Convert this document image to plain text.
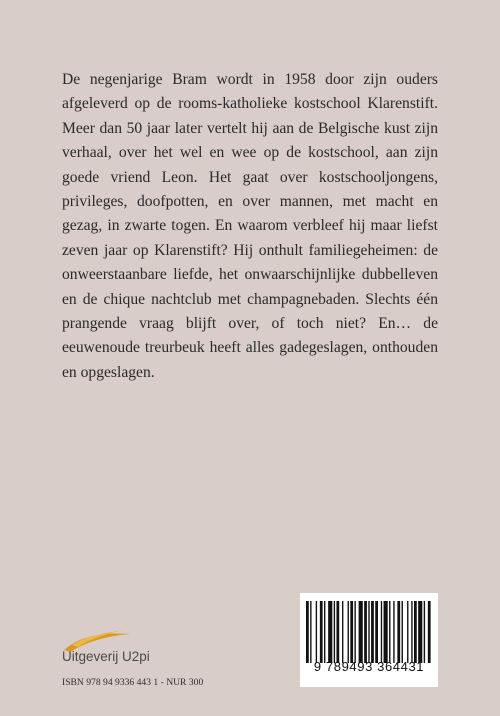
De negenjarige Bram wordt in 1958 door zijn ouders afgeleverd op de rooms-katholieke kostschool Klarenstift. Meer dan 50 jaar later vertelt hij aan de Belgische kust zijn verhaal, over het wel en wee op de kostschool, aan zijn goede vriend Leon. Het gaat over kostschooljongens, privileges, doofpotten, en over mannen, met macht en gezag, in zwarte togen. En waarom verbleef hij maar liefst zeven jaar op Klarenstift? Hij onthult familiegeheimen: de onweerstaanbare liefde, het onwaarschijnlijke dubbelleven en de chique nachtclub met champagnebaden. Slechts één prangende vraag blijft over, of toch niet? En… de eeuwenoude treurbeuk heeft alles gadegeslagen, onthouden en opgeslagen.

Uitgeverij U2pi
ISBN 978 94 9336 443 1 - NUR 300
9 789493 364431
